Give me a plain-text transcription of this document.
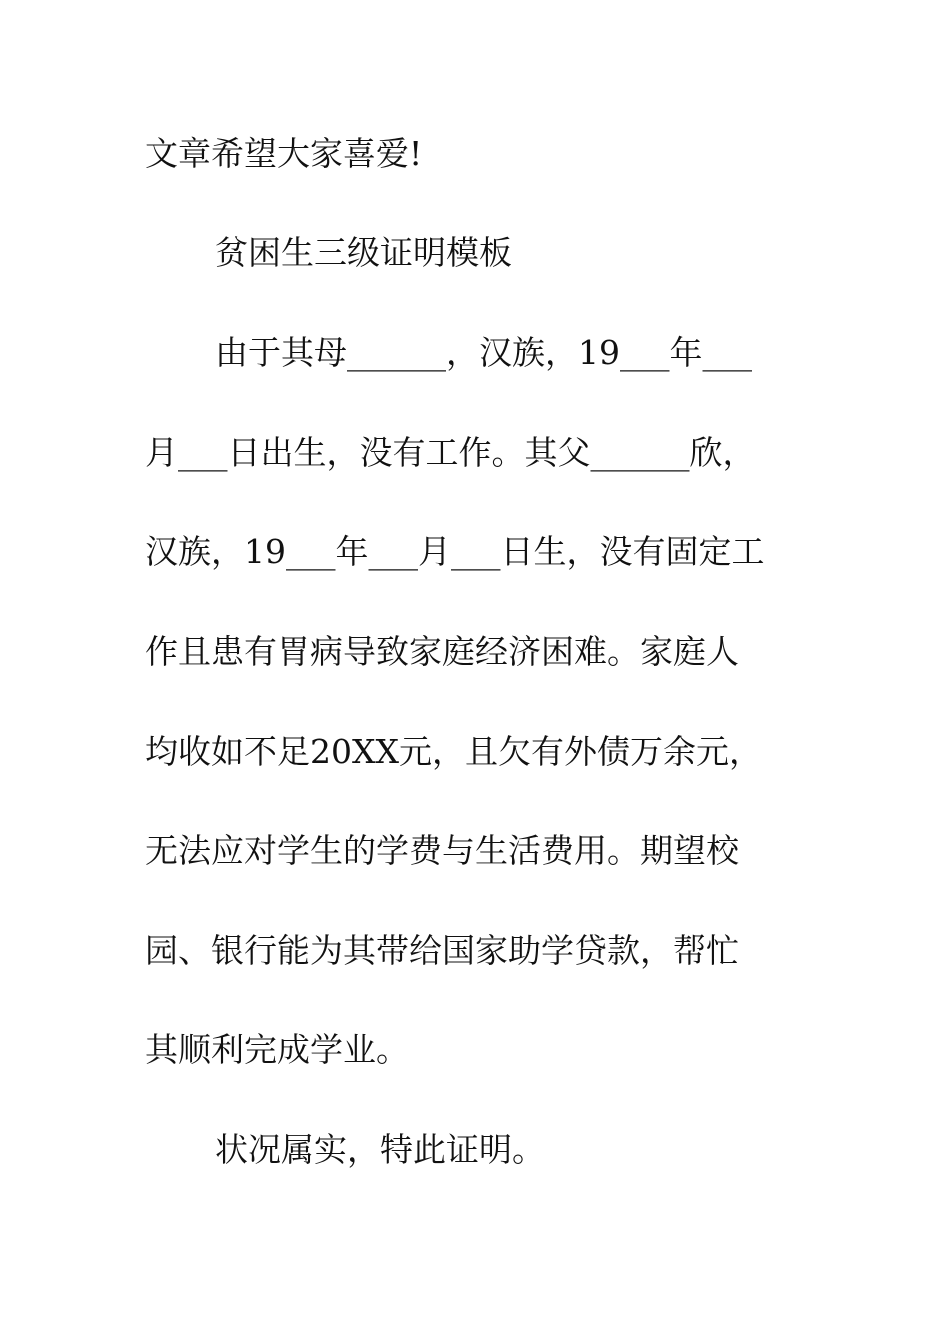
文章希望大家喜爱!
贫困生三级证明模板
由于其母______，汉族，19___年___
月___日出生，没有工作。其父______欣，
汉族，19___年___月___日生，没有固定工
作且患有胃病导致家庭经济困难。家庭人
均收如不足20XX元，且欠有外债万余元，
无法应对学生的学费与生活费用。期望校
园、银行能为其带给国家助学贷款，帮忙
其顺利完成学业。
状况属实，特此证明。
